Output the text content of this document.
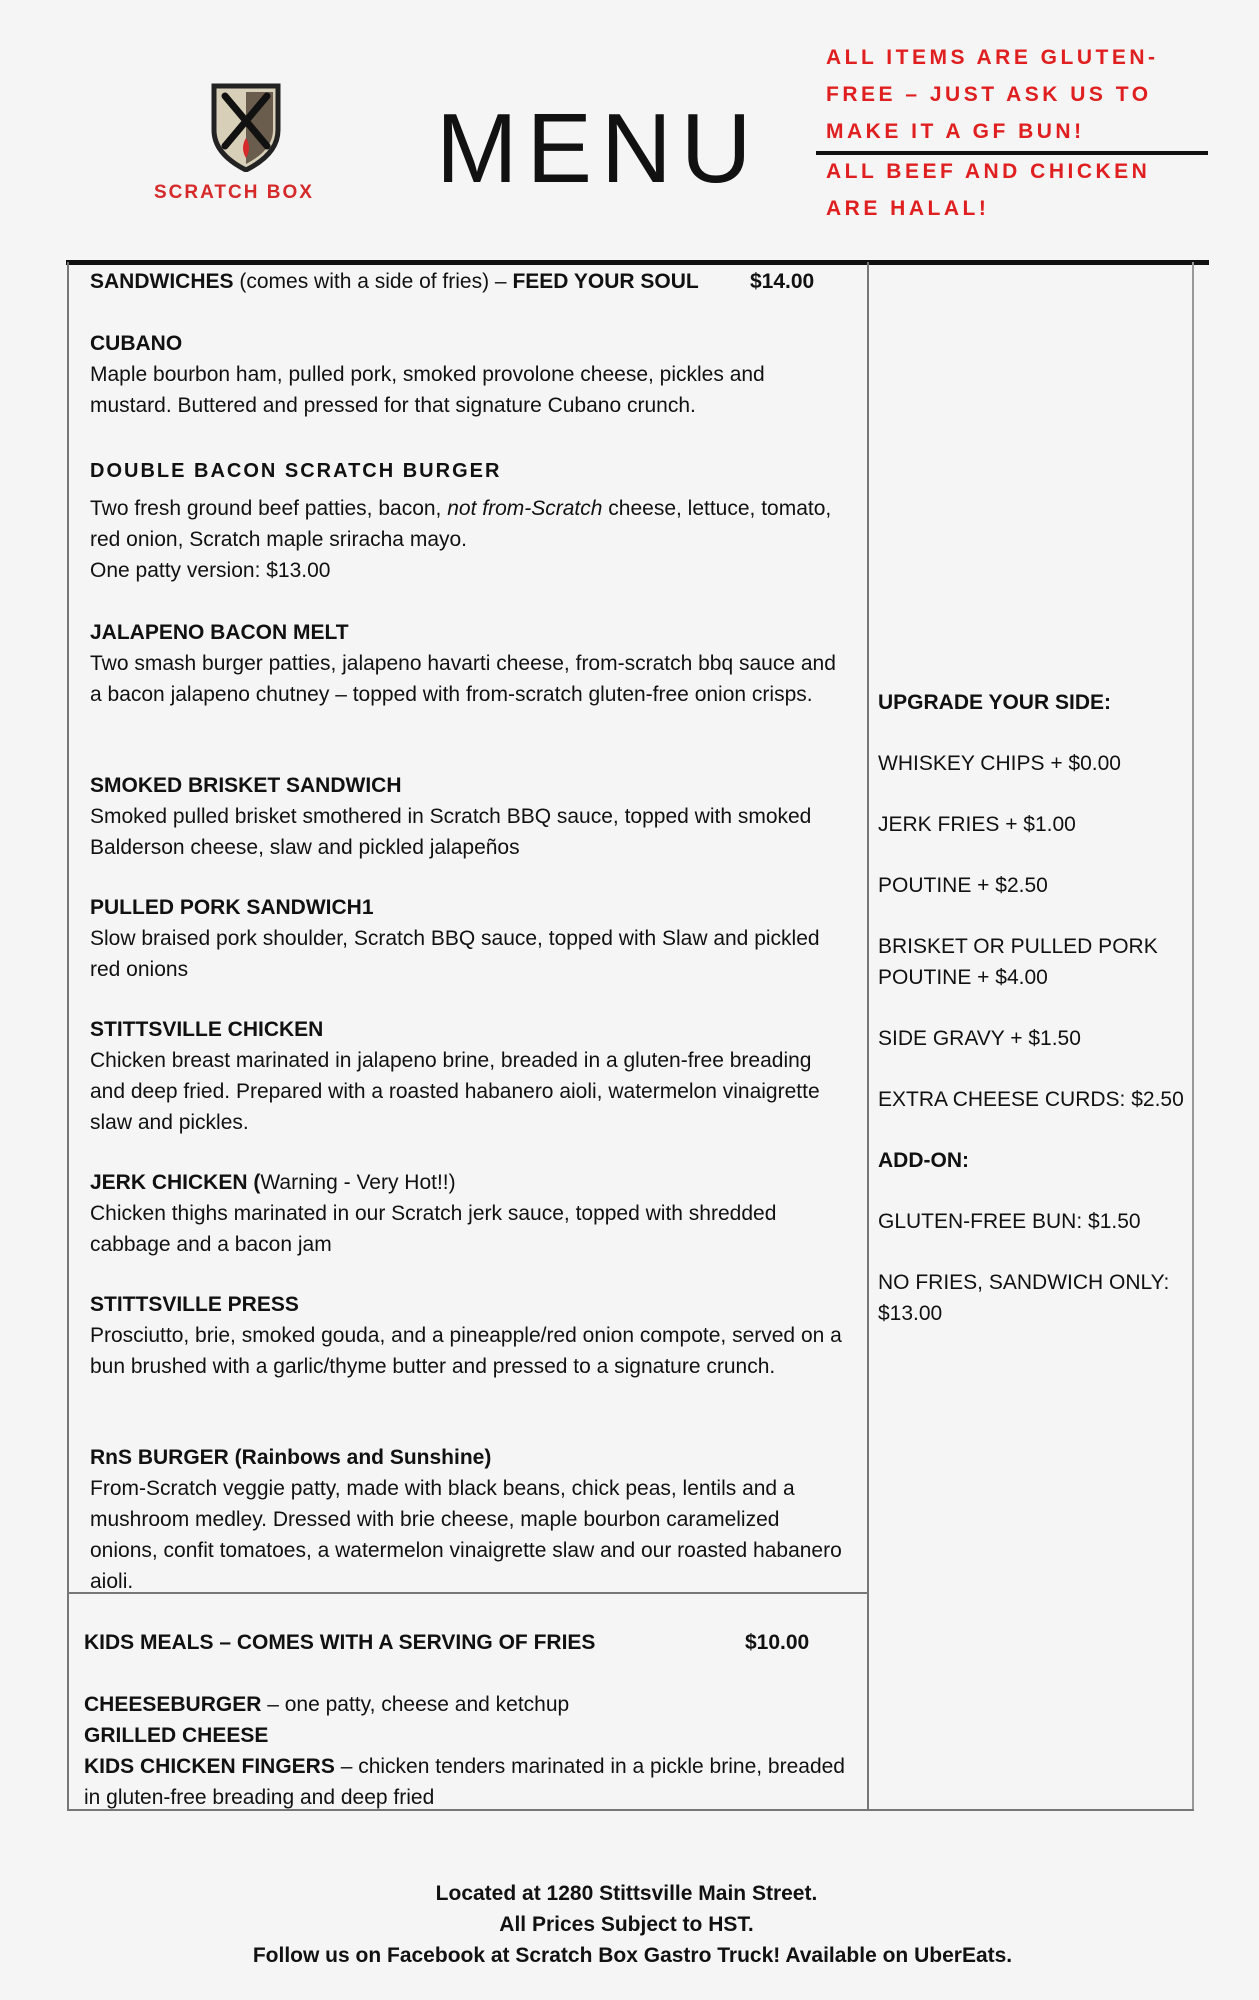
SCRATCH BOX	MENU
ALL ITEMS ARE GLUTEN-FREE – JUST ASK US TO MAKE IT A GF BUN!
ALL BEEF AND CHICKEN ARE HALAL!
SANDWICHES (comes with a side of fries) – FEED YOUR SOUL $14.00
CUBANO
Maple bourbon ham, pulled pork, smoked provolone cheese, pickles and mustard. Buttered and pressed for that signature Cubano crunch.
DOUBLE BACON SCRATCH BURGER
Two fresh ground beef patties, bacon, not from-Scratch cheese, lettuce, tomato, red onion, Scratch maple sriracha mayo.
One patty version: $13.00
JALAPENO BACON MELT
Two smash burger patties, jalapeno havarti cheese, from-scratch bbq sauce and a bacon jalapeno chutney – topped with from-scratch gluten-free onion crisps.
SMOKED BRISKET SANDWICH
Smoked pulled brisket smothered in Scratch BBQ sauce, topped with smoked Balderson cheese, slaw and pickled jalapeños
PULLED PORK SANDWICH1
Slow braised pork shoulder, Scratch BBQ sauce, topped with Slaw and pickled red onions
STITTSVILLE CHICKEN
Chicken breast marinated in jalapeno brine, breaded in a gluten-free breading and deep fried. Prepared with a roasted habanero aioli, watermelon vinaigrette slaw and pickles.
JERK CHICKEN (Warning - Very Hot!!)
Chicken thighs marinated in our Scratch jerk sauce, topped with shredded cabbage and a bacon jam
STITTSVILLE PRESS
Prosciutto, brie, smoked gouda, and a pineapple/red onion compote, served on a bun brushed with a garlic/thyme butter and pressed to a signature crunch.
RnS BURGER (Rainbows and Sunshine)
From-Scratch veggie patty, made with black beans, chick peas, lentils and a mushroom medley. Dressed with brie cheese, maple bourbon caramelized onions, confit tomatoes, a watermelon vinaigrette slaw and our roasted habanero aioli.
UPGRADE YOUR SIDE:
WHISKEY CHIPS + $0.00
JERK FRIES + $1.00
POUTINE + $2.50
BRISKET OR PULLED PORK POUTINE + $4.00
SIDE GRAVY + $1.50
EXTRA CHEESE CURDS: $2.50
ADD-ON:
GLUTEN-FREE BUN: $1.50
NO FRIES, SANDWICH ONLY: $13.00
KIDS MEALS – COMES WITH A SERVING OF FRIES	$10.00
CHEESEBURGER – one patty, cheese and ketchup
GRILLED CHEESE
KIDS CHICKEN FINGERS – chicken tenders marinated in a pickle brine, breaded in gluten-free breading and deep fried
Located at 1280 Stittsville Main Street.
All Prices Subject to HST.
Follow us on Facebook at Scratch Box Gastro Truck! Available on UberEats.
